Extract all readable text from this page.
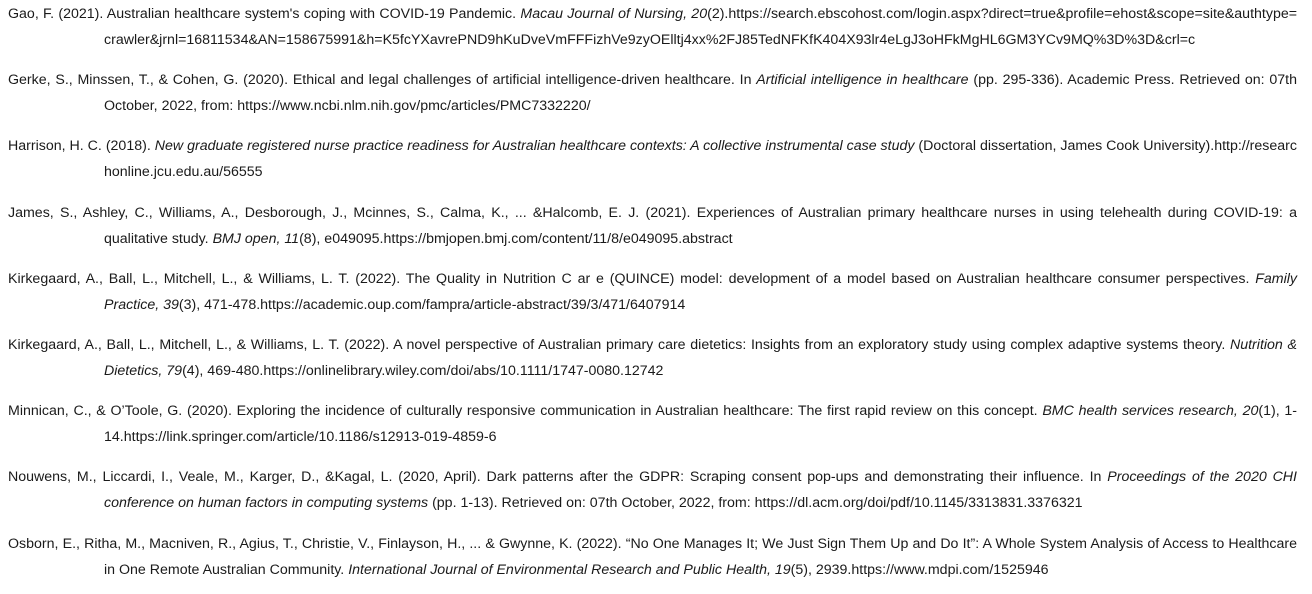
Gao, F. (2021). Australian healthcare system's coping with COVID-19 Pandemic. Macau Journal of Nursing, 20(2).https://search.ebscohost.com/login.aspx?direct=true&profile=ehost&scope=site&authtype=crawler&jrnl=16811534&AN=158675991&h=K5fcYXavrePND9hKuDveVmFFFizhVe9zyOElltj4xx%2FJ85TedNFKfK404X93lr4eLgJ3oHFkMgHL6GM3YCv9MQ%3D%3D&crl=c

Gerke, S., Minssen, T., & Cohen, G. (2020). Ethical and legal challenges of artificial intelligence-driven healthcare. In Artificial intelligence in healthcare (pp. 295-336). Academic Press. Retrieved on: 07th October, 2022, from: https://www.ncbi.nlm.nih.gov/pmc/articles/PMC7332220/

Harrison, H. C. (2018). New graduate registered nurse practice readiness for Australian healthcare contexts: A collective instrumental case study (Doctoral dissertation, James Cook University).http://researchonline.jcu.edu.au/56555

James, S., Ashley, C., Williams, A., Desborough, J., Mcinnes, S., Calma, K., ... &Halcomb, E. J. (2021). Experiences of Australian primary healthcare nurses in using telehealth during COVID-19: a qualitative study. BMJ open, 11(8), e049095.https://bmjopen.bmj.com/content/11/8/e049095.abstract

Kirkegaard, A., Ball, L., Mitchell, L., & Williams, L. T. (2022). The Quality in Nutrition C ar e (QUINCE) model: development of a model based on Australian healthcare consumer perspectives. Family Practice, 39(3), 471-478.https://academic.oup.com/fampra/article-abstract/39/3/471/6407914

Kirkegaard, A., Ball, L., Mitchell, L., & Williams, L. T. (2022). A novel perspective of Australian primary care dietetics: Insights from an exploratory study using complex adaptive systems theory. Nutrition & Dietetics, 79(4), 469-480.https://onlinelibrary.wiley.com/doi/abs/10.1111/1747-0080.12742

Minnican, C., & O’Toole, G. (2020). Exploring the incidence of culturally responsive communication in Australian healthcare: The first rapid review on this concept. BMC health services research, 20(1), 1-14.https://link.springer.com/article/10.1186/s12913-019-4859-6

Nouwens, M., Liccardi, I., Veale, M., Karger, D., &Kagal, L. (2020, April). Dark patterns after the GDPR: Scraping consent pop-ups and demonstrating their influence. In Proceedings of the 2020 CHI conference on human factors in computing systems (pp. 1-13). Retrieved on: 07th October, 2022, from: https://dl.acm.org/doi/pdf/10.1145/3313831.3376321

Osborn, E., Ritha, M., Macniven, R., Agius, T., Christie, V., Finlayson, H., ... & Gwynne, K. (2022). “No One Manages It; We Just Sign Them Up and Do It”: A Whole System Analysis of Access to Healthcare in One Remote Australian Community. International Journal of Environmental Research and Public Health, 19(5), 2939.https://www.mdpi.com/1525946
